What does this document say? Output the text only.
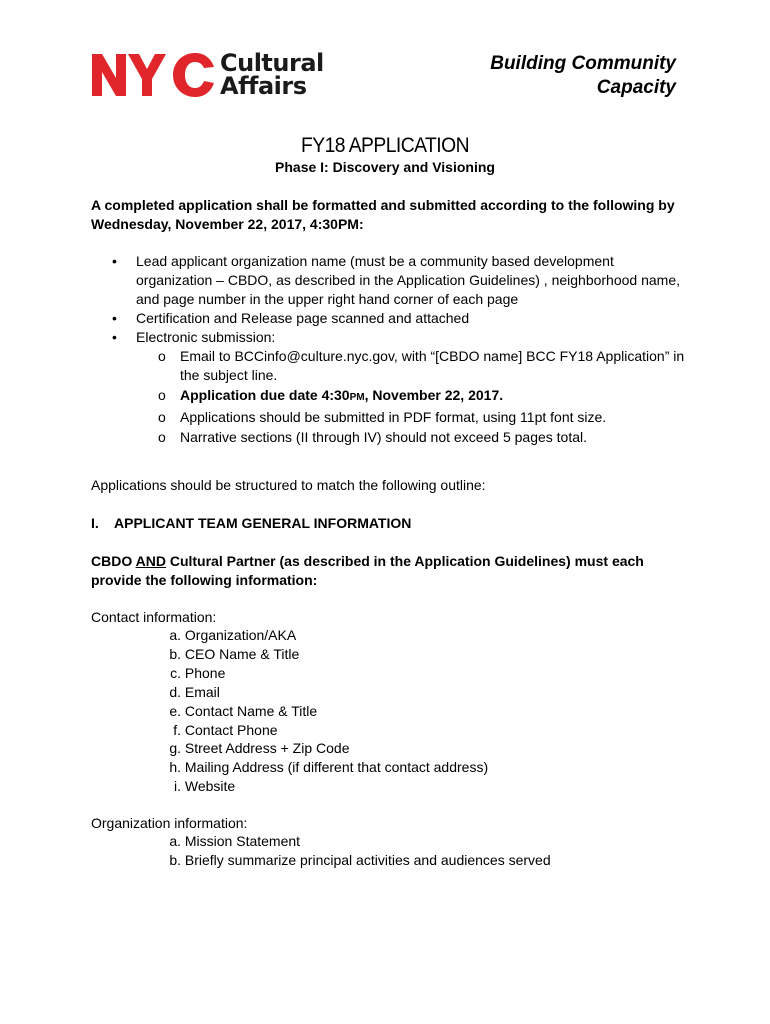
Cultural
Affairs
Building Community
Capacity
FY18 APPLICATION
Phase I: Discovery and Visioning
A completed application shall be formatted and submitted according to the following by Wednesday, November 22, 2017, 4:30PM:
• Lead applicant organization name (must be a community based development organization – CBDO, as described in the Application Guidelines) , neighborhood name, and page number in the upper right hand corner of each page
• Certification and Release page scanned and attached
• Electronic submission:
o Email to BCCinfo@culture.nyc.gov, with “[CBDO name] BCC FY18 Application” in the subject line.
o Application due date 4:30PM, November 22, 2017.
o Applications should be submitted in PDF format, using 11pt font size.
o Narrative sections (II through IV) should not exceed 5 pages total.
Applications should be structured to match the following outline:
I. APPLICANT TEAM GENERAL INFORMATION
CBDO AND Cultural Partner (as described in the Application Guidelines) must each provide the following information:
Contact information:
a. Organization/AKA
b. CEO Name & Title
c. Phone
d. Email
e. Contact Name & Title
f. Contact Phone
g. Street Address + Zip Code
h. Mailing Address (if different that contact address)
i. Website
Organization information:
a. Mission Statement
b. Briefly summarize principal activities and audiences served
